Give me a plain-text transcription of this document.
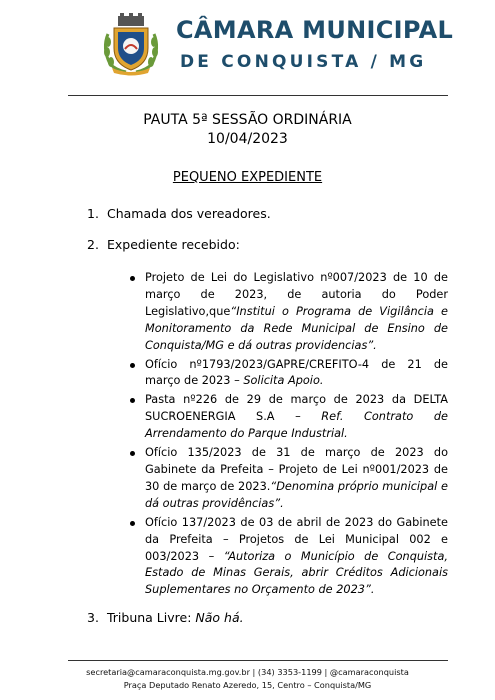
CÂMARA MUNICIPAL
DE CONQUISTA / MG
PAUTA 5ª SESSÃO ORDINÁRIA
10/04/2023
PEQUENO EXPEDIENTE
1. Chamada dos vereadores.
2. Expediente recebido:
Projeto de Lei do Legislativo nº007/2023 de 10 de março de 2023, de autoria do Poder Legislativo,que“Institui o Programa de Vigilância e Monitoramento da Rede Municipal de Ensino de Conquista/MG e dá outras providencias”.
Ofício nº1793/2023/GAPRE/CREFITO-4 de 21 de março de 2023 – Solicita Apoio.
Pasta nº226 de 29 de março de 2023 da DELTA SUCROENERGIA S.A – Ref. Contrato de Arrendamento do Parque Industrial.
Ofício 135/2023 de 31 de março de 2023 do Gabinete da Prefeita – Projeto de Lei nº001/2023 de 30 de março de 2023.“Denomina próprio municipal e dá outras providências”.
Ofício 137/2023 de 03 de abril de 2023 do Gabinete da Prefeita – Projetos de Lei Municipal 002 e 003/2023 – “Autoriza o Município de Conquista, Estado de Minas Gerais, abrir Créditos Adicionais Suplementares no Orçamento de 2023”.
3. Tribuna Livre: Não há.
secretaria@camaraconquista.mg.gov.br | (34) 3353-1199 | @camaraconquista
Praça Deputado Renato Azeredo, 15, Centro – Conquista/MG
